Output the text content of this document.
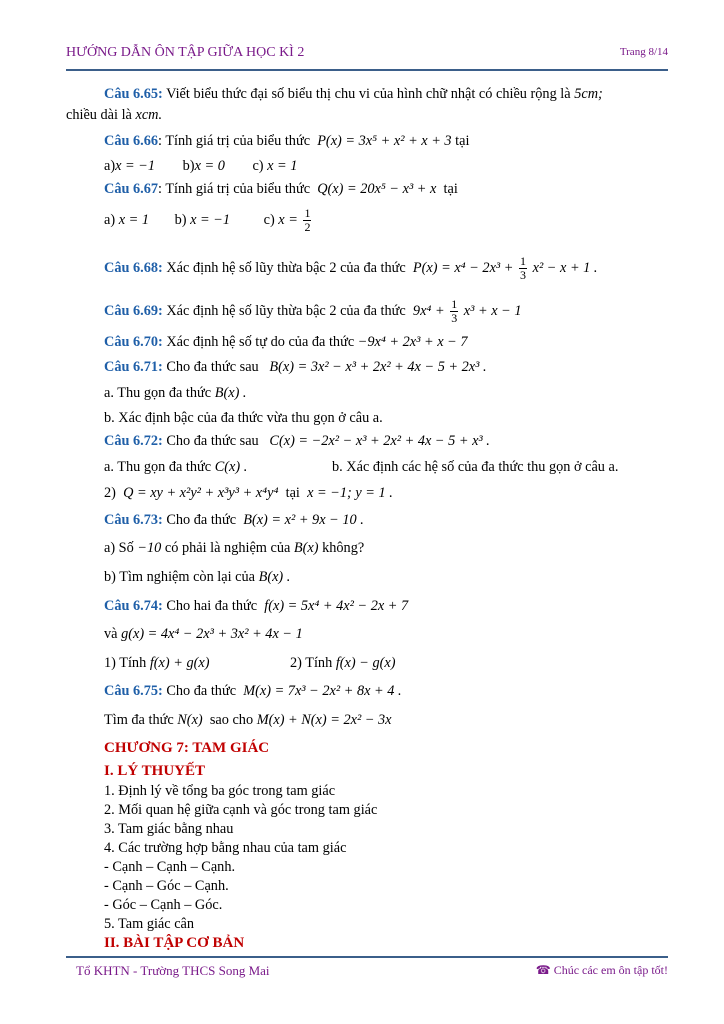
HƯỚNG DẪN ÔN TẬP GIỮA HỌC KÌ 2	Trang 8/14
Câu 6.65: Viết biểu thức đại số biểu thị chu vi của hình chữ nhật có chiều rộng là 5cm;
chiều dài là xcm.
Câu 6.66: Tính giá trị của biểu thức P(x) = 3x⁵ + x² + x + 3 tại
a)x = −1 b)x = 0 c) x = 1
Câu 6.67: Tính giá trị của biểu thức Q(x) = 20x⁵ − x³ + x tại
a) x = 1 b) x = −1 c) $x = \frac{1}{2}$
Câu 6.68: Xác định hệ số lũy thừa bậc 2 của đa thức $P(x) = x^4 - 2x^3 + \frac{1}{3} x^2 - x + 1$ .
Câu 6.69: Xác định hệ số lũy thừa bậc 2 của đa thức $9x^4 + \frac{1}{3} x^3 + x - 1$
Câu 6.70: Xác định hệ số tự do của đa thức −9x⁴ + 2x³ + x − 7
Câu 6.71: Cho đa thức sau B(x) = 3x² − x³ + 2x² + 4x − 5 + 2x³ .
a. Thu gọn đa thức B(x) .
b. Xác định bậc của đa thức vừa thu gọn ở câu a.
Câu 6.72: Cho đa thức sau C(x) = −2x² − x³ + 2x² + 4x − 5 + x³ .
a. Thu gọn đa thức C(x) .	b. Xác định các hệ số của đa thức thu gọn ở câu a.
2) Q = xy + x²y² + x³y³ + x⁴y⁴ tại x = −1; y = 1 .
Câu 6.73: Cho đa thức B(x) = x² + 9x − 10 .
a) Số −10 có phải là nghiệm của B(x) không?
b) Tìm nghiệm còn lại của B(x) .
Câu 6.74: Cho hai đa thức f(x) = 5x⁴ + 4x² − 2x + 7
và g(x) = 4x⁴ − 2x³ + 3x² + 4x − 1
1) Tính f(x) + g(x)	2) Tính f(x) − g(x)
Câu 6.75: Cho đa thức M(x) = 7x³ − 2x² + 8x + 4 .
Tìm đa thức N(x) sao cho M(x) + N(x) = 2x² − 3x
CHƯƠNG 7: TAM GIÁC
I. LÝ THUYẾT
1. Định lý về tổng ba góc trong tam giác
2. Mối quan hệ giữa cạnh và góc trong tam giác
3. Tam giác bằng nhau
4. Các trường hợp bằng nhau của tam giác
- Cạnh – Cạnh – Cạnh.
- Cạnh – Góc – Cạnh.
- Góc – Cạnh – Góc.
5. Tam giác cân
II. BÀI TẬP CƠ BẢN
Tổ KHTN - Trường THCS Song Mai	☎ Chúc các em ôn tập tốt!
